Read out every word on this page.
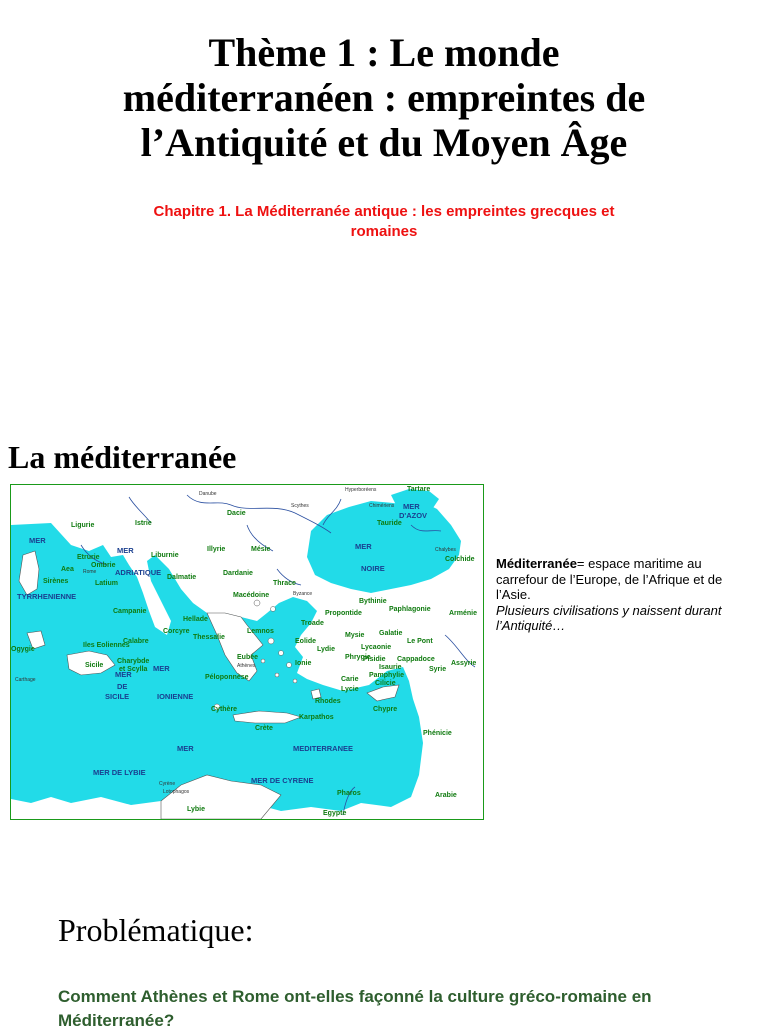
Thème 1 : Le monde
méditerranéen : empreintes de
l’Antiquité et du Moyen Âge

Chapitre 1. La Méditerranée antique : les empreintes grecques et
romaines

La méditerranée
MER
TYRRHENIENNE
MER
ADRIATIQUE
MER
NOIRE
MER
D'AZOV
MER
MER
DE
SICILE	IONIENNE
MER	MEDITERRANEE
MER DE LYBIE
MER DE CYRENE
Ligurie
Etrurie
Ombrie
Latium
Campanie
Calabre
Sicile
Istrie
Liburnie
Dalmatie
Illyrie
Dacie
Mésie
Dardanie
Thrace
Macédoine
Hellade
Thessalie
Lemnos
Péloponnèse
Cythère
Crète
Karpathos
Rhodes
Chypre
Carie
Lycie
Pamphylie
Cilicie
Isaurie
Pisidie
Lycaonie
Phrygie
Lydie
Mysie
Ionie
Eolide
Troade
Propontide
Bythinie
Paphlagonie
Galatie
Cappadoce
Le Pont
Arménie
Colchide
Tauride
Syrie
Assyrie
Phénicie
Arabie
Egypte
Pharos
Lybie
Cyrène
Lotophagos
Carthage
Ogygie
Sirènes
Aea
Corcyre
Eubée
Iles Eoliennes
Charybde
et Scylla
Tartare
Danube
Scythes
Hyperboréens
Chimériens
Chalybes
Byzance
Rome
Athènes

Méditerranée= espace maritime au carrefour de l’Europe, de l’Afrique et de l’Asie.
Plusieurs civilisations y naissent durant l’Antiquité…

Problématique:

Comment Athènes et Rome ont-elles façonné la culture gréco-romaine en Méditerranée?
